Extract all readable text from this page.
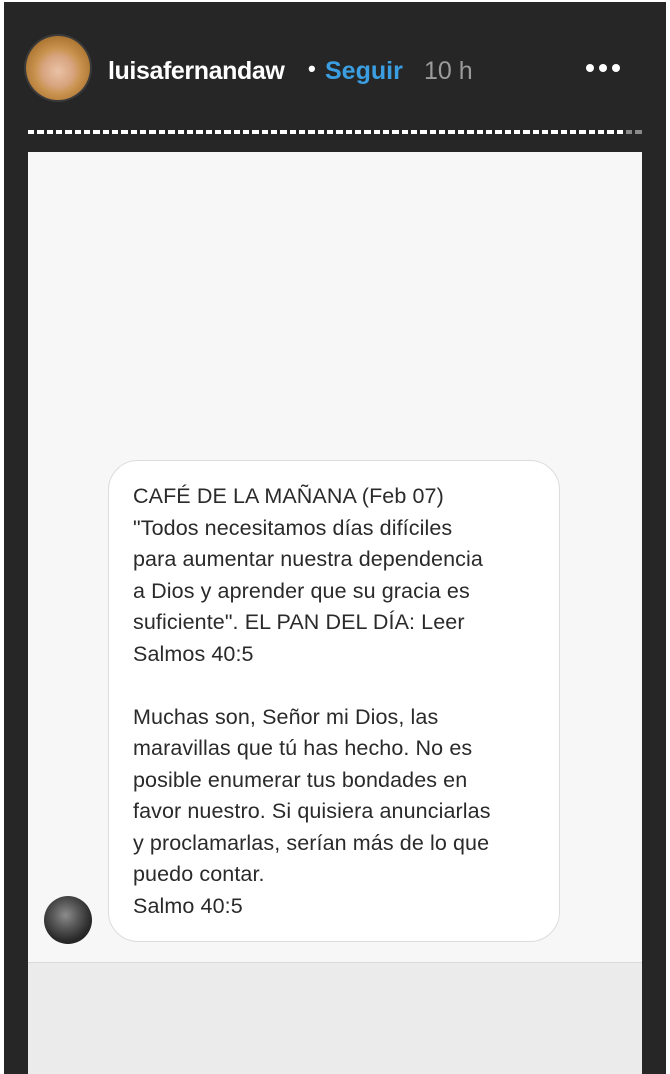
luisafernandaw • Seguir 10 h
CAFÉ DE LA MAÑANA (Feb 07)
"Todos necesitamos días difíciles
para aumentar nuestra dependencia
a Dios y aprender que su gracia es
suficiente". EL PAN DEL DÍA: Leer
Salmos 40:5
Muchas son, Señor mi Dios, las
maravillas que tú has hecho. No es
posible enumerar tus bondades en
favor nuestro. Si quisiera anunciarlas
y proclamarlas, serían más de lo que
puedo contar.
Salmo 40:5
